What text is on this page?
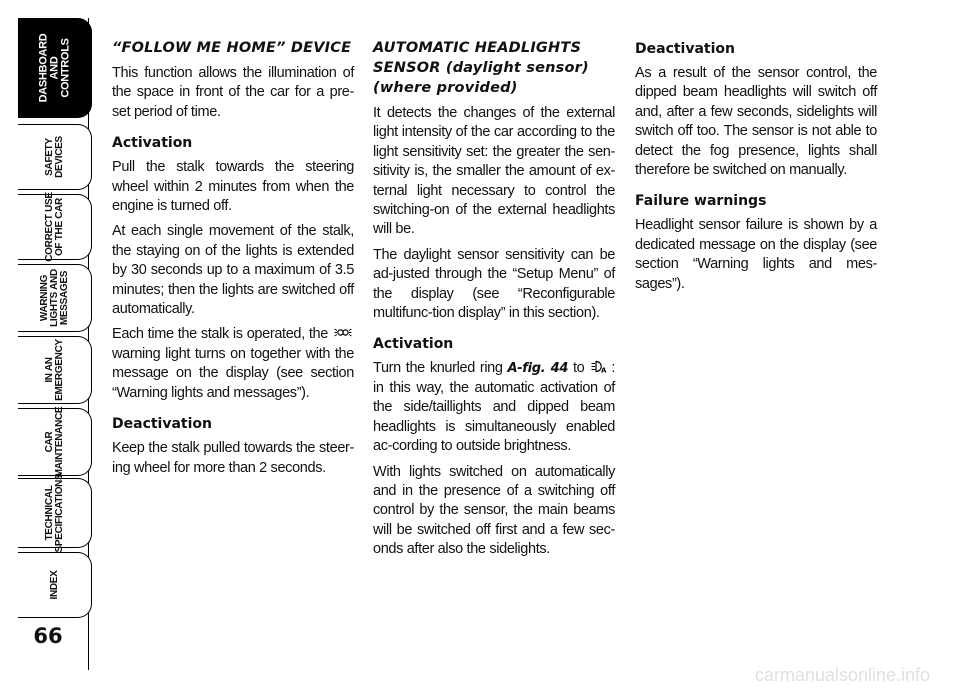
DASHBOARD
AND
CONTROLS
SAFETY
DEVICES
CORRECT USE
OF THE CAR
WARNING
LIGHTS AND
MESSAGES
IN AN
EMERGENCY
CAR
MAINTENANCE
TECHNICAL
SPECIFICATIONS
INDEX
66
“FOLLOW ME HOME” DEVICE

This function allows the illumination of the space in front of the car for a pre-set period of time.

Activation

Pull the stalk towards the steering wheel within 2 minutes from when the engine is turned off.

At each single movement of the stalk, the staying on of the lights is extended by 30 seconds up to a maximum of 3.5 minutes; then the lights are switched off automatically.

Each time the stalk is operated, the  warning light turns on together with the message on the display (see section “Warning lights and messages”).

Deactivation

Keep the stalk pulled towards the steer-ing wheel for more than 2 seconds.

AUTOMATIC HEADLIGHTS SENSOR (daylight sensor) (where provided)

It detects the changes of the external light intensity of the car according to the light sensitivity set: the greater the sen-sitivity is, the smaller the amount of ex-ternal light necessary to control the switching-on of the external headlights will be.

The daylight sensor sensitivity can be ad-justed through the “Setup Menu” of the display (see “Reconfigurable multifunc-tion display” in this section).

Activation

Turn the knurled ring A-fig. 44 to A : in this way, the automatic activation of the side/taillights and dipped beam headlights is simultaneously enabled ac-cording to outside brightness.

With lights switched on automatically and in the presence of a switching off control by the sensor, the main beams will be switched off first and a few sec-onds after also the sidelights.

Deactivation

As a result of the sensor control, the dipped beam headlights will switch off and, after a few seconds, sidelights will switch off too. The sensor is not able to detect the fog presence, lights shall therefore be switched on manually.

Failure warnings

Headlight sensor failure is shown by a dedicated message on the display (see section “Warning lights and mes-sages”).

carmanualsonline.info
